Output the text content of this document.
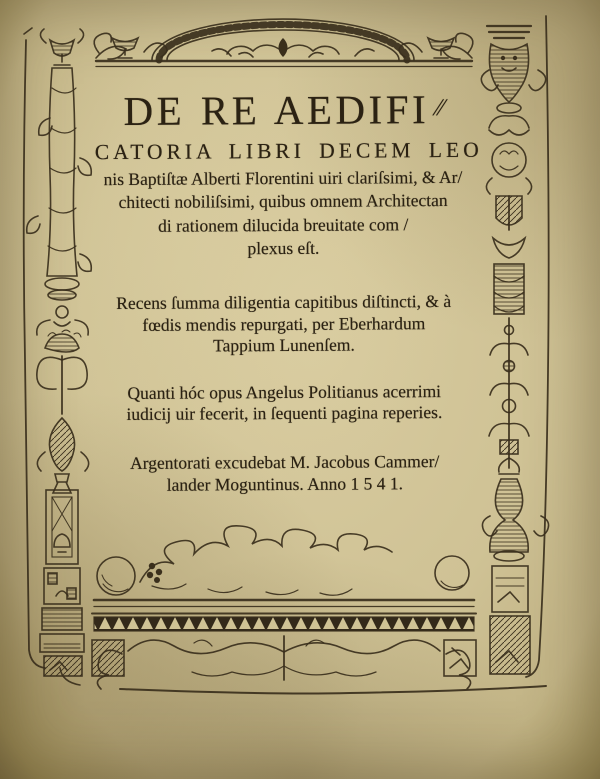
DE RE AEDIFI//
CATORIA LIBRI DECEM LEO
nis Baptiſtæ Alberti Florentini uiri clariſsimi, & Ar/
chitecti nobiliſsimi, quibus omnem Architectan
di rationem dilucida breuitate com /
plexus eſt.
Recens ſumma diligentia capitibus diſtincti, & à
fœdis mendis repurgati, per Eberhardum
Tappium Lunenſem.
Quanti hóc opus Angelus Politianus acerrimi
iudicij uir fecerit, in ſequenti pagina reperies.
Argentorati excudebat M. Jacobus Cammer/
lander Moguntinus. Anno 1 5 4 1.
